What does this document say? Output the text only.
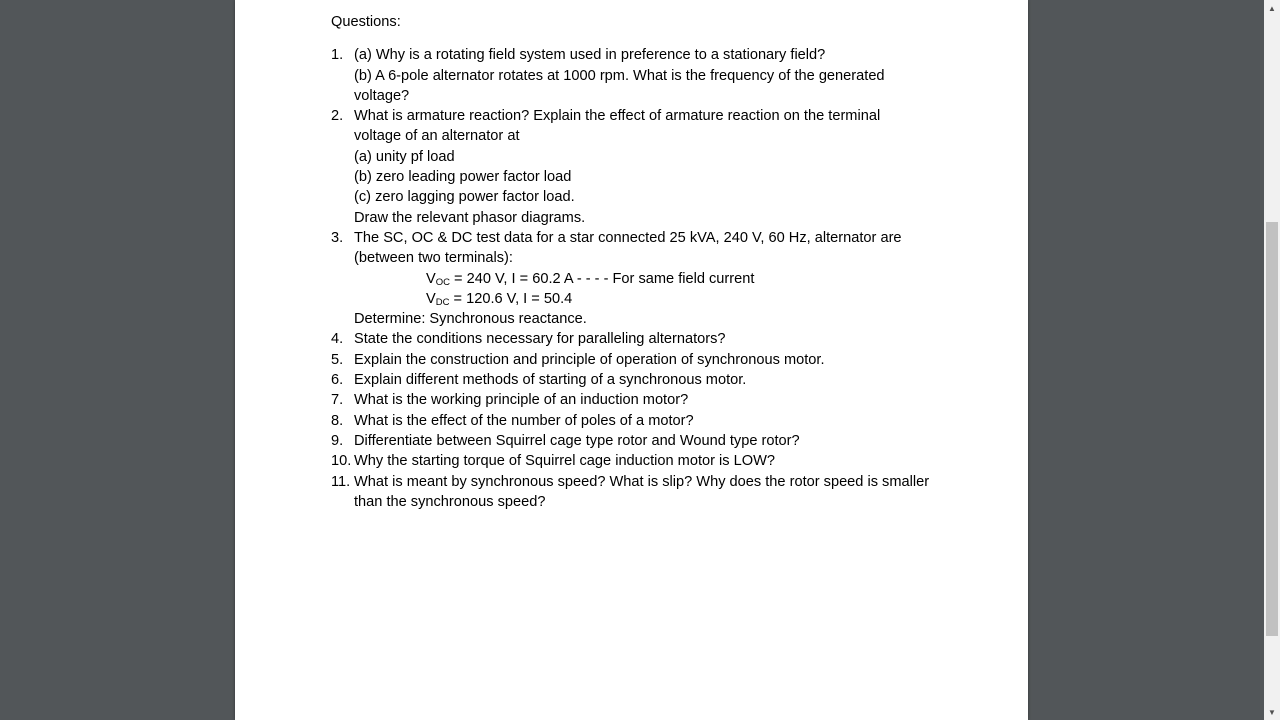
Questions:
1. (a) Why is a rotating field system used in preference to a stationary field?
(b) A 6-pole alternator rotates at 1000 rpm. What is the frequency of the generated
voltage?
2. What is armature reaction? Explain the effect of armature reaction on the terminal
voltage of an alternator at
(a) unity pf load
(b) zero leading power factor load
(c) zero lagging power factor load.
Draw the relevant phasor diagrams.
3. The SC, OC & DC test data for a star connected 25 kVA, 240 V, 60 Hz, alternator are
(between two terminals):
$V_{OC} = 240$ V, I = 60.2 A - - - - For same field current
$V_{DC} = 120.6$ V, I = 50.4
Determine: Synchronous reactance.
4. State the conditions necessary for paralleling alternators?
5. Explain the construction and principle of operation of synchronous motor.
6. Explain different methods of starting of a synchronous motor.
7. What is the working principle of an induction motor?
8. What is the effect of the number of poles of a motor?
9. Differentiate between Squirrel cage type rotor and Wound type rotor?
10. Why the starting torque of Squirrel cage induction motor is LOW?
11. What is meant by synchronous speed? What is slip? Why does the rotor speed is smaller
than the synchronous speed?
▲
▼
